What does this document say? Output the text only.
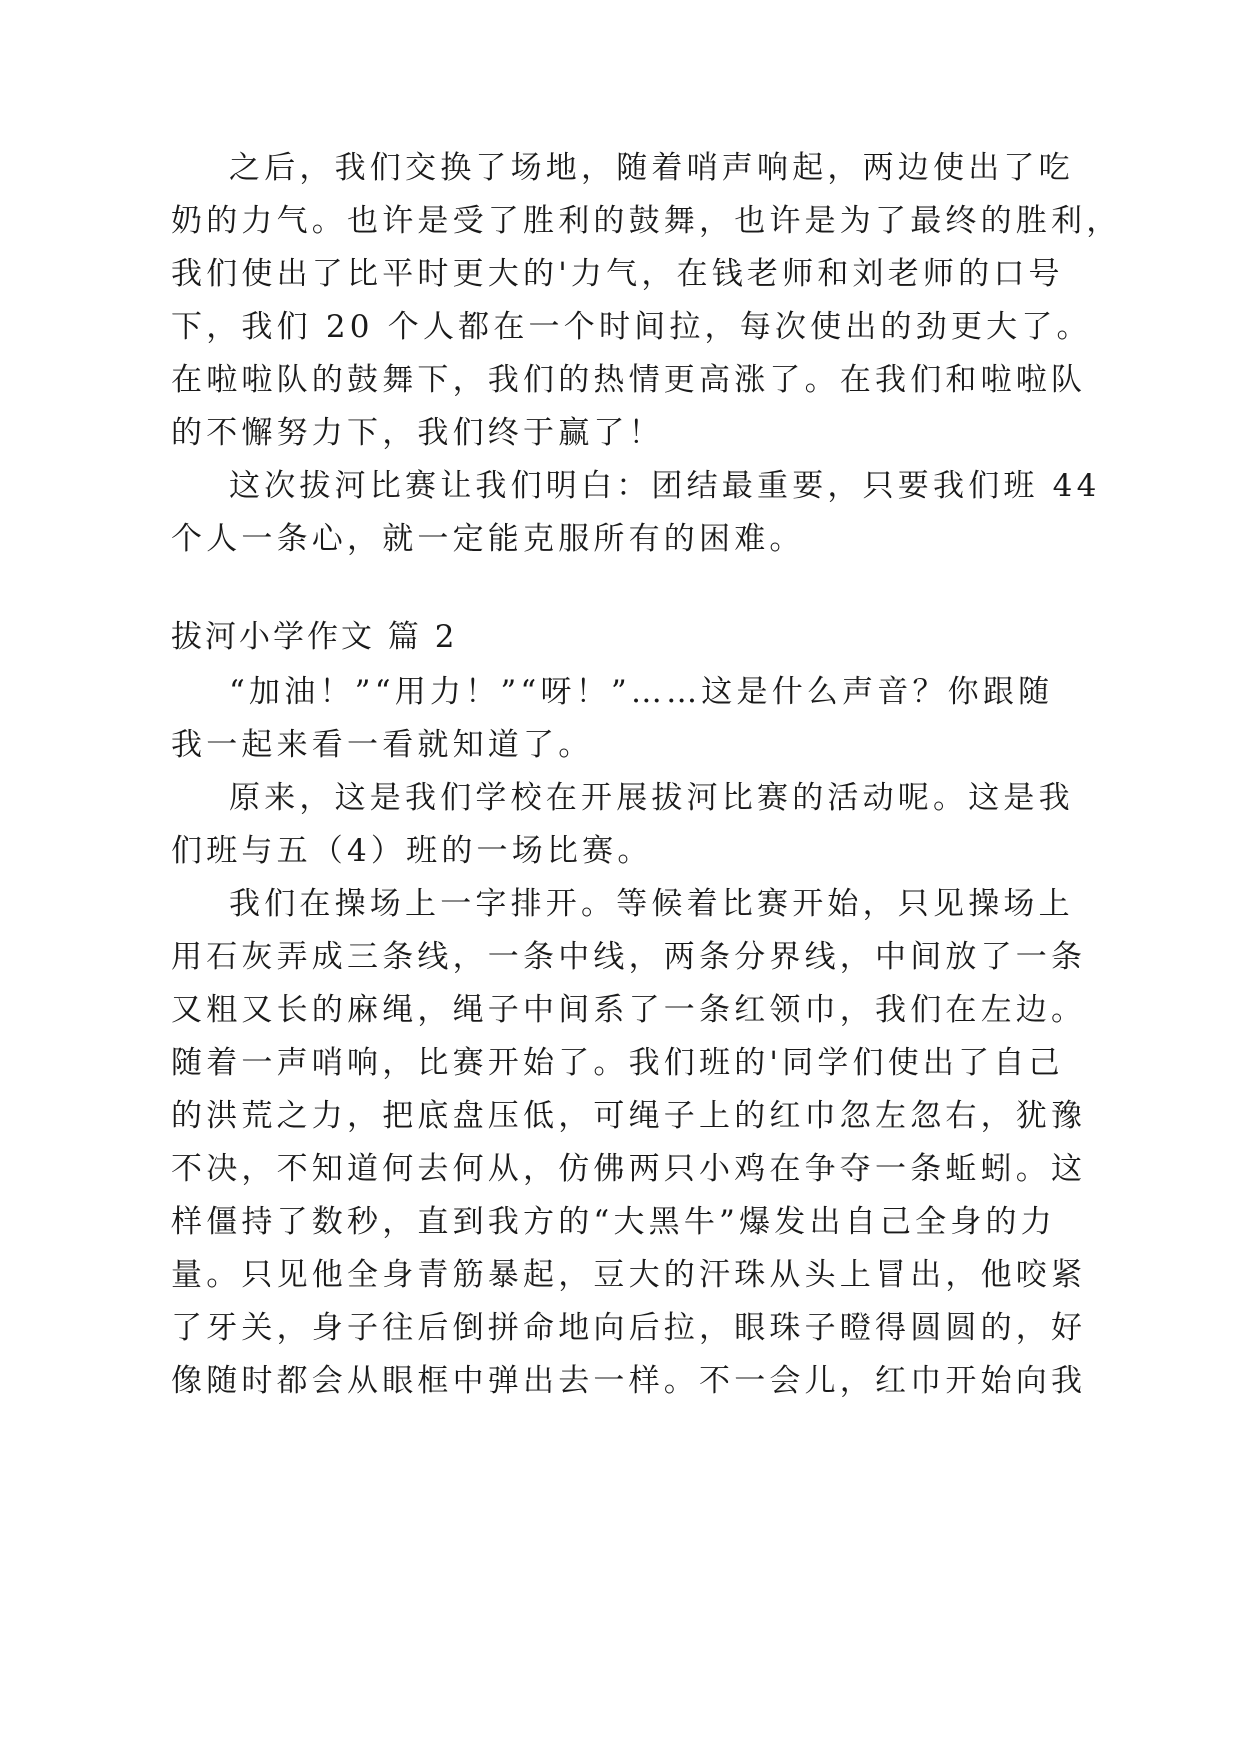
之后，我们交换了场地，随着哨声响起，两边使出了吃

奶的力气。也许是受了胜利的鼓舞，也许是为了最终的胜利，

我们使出了比平时更大的'力气，在钱老师和刘老师的口号

下，我们 20 个人都在一个时间拉，每次使出的劲更大了。

在啦啦队的鼓舞下，我们的热情更高涨了。在我们和啦啦队

的不懈努力下，我们终于赢了！

这次拔河比赛让我们明白：团结最重要，只要我们班 44

个人一条心，就一定能克服所有的困难。

拔河小学作文 篇 2

“加油！”“用力！”“呀！”……这是什么声音？你跟随

我一起来看一看就知道了。

原来，这是我们学校在开展拔河比赛的活动呢。这是我

们班与五（4）班的一场比赛。

我们在操场上一字排开。等候着比赛开始，只见操场上

用石灰弄成三条线，一条中线，两条分界线，中间放了一条

又粗又长的麻绳，绳子中间系了一条红领巾，我们在左边。

随着一声哨响，比赛开始了。我们班的'同学们使出了自己

的洪荒之力，把底盘压低，可绳子上的红巾忽左忽右，犹豫

不决，不知道何去何从，仿佛两只小鸡在争夺一条蚯蚓。这

样僵持了数秒，直到我方的“大黑牛”爆发出自己全身的力

量。只见他全身青筋暴起，豆大的汗珠从头上冒出，他咬紧

了牙关，身子往后倒拼命地向后拉，眼珠子瞪得圆圆的，好

像随时都会从眼框中弹出去一样。不一会儿，红巾开始向我
